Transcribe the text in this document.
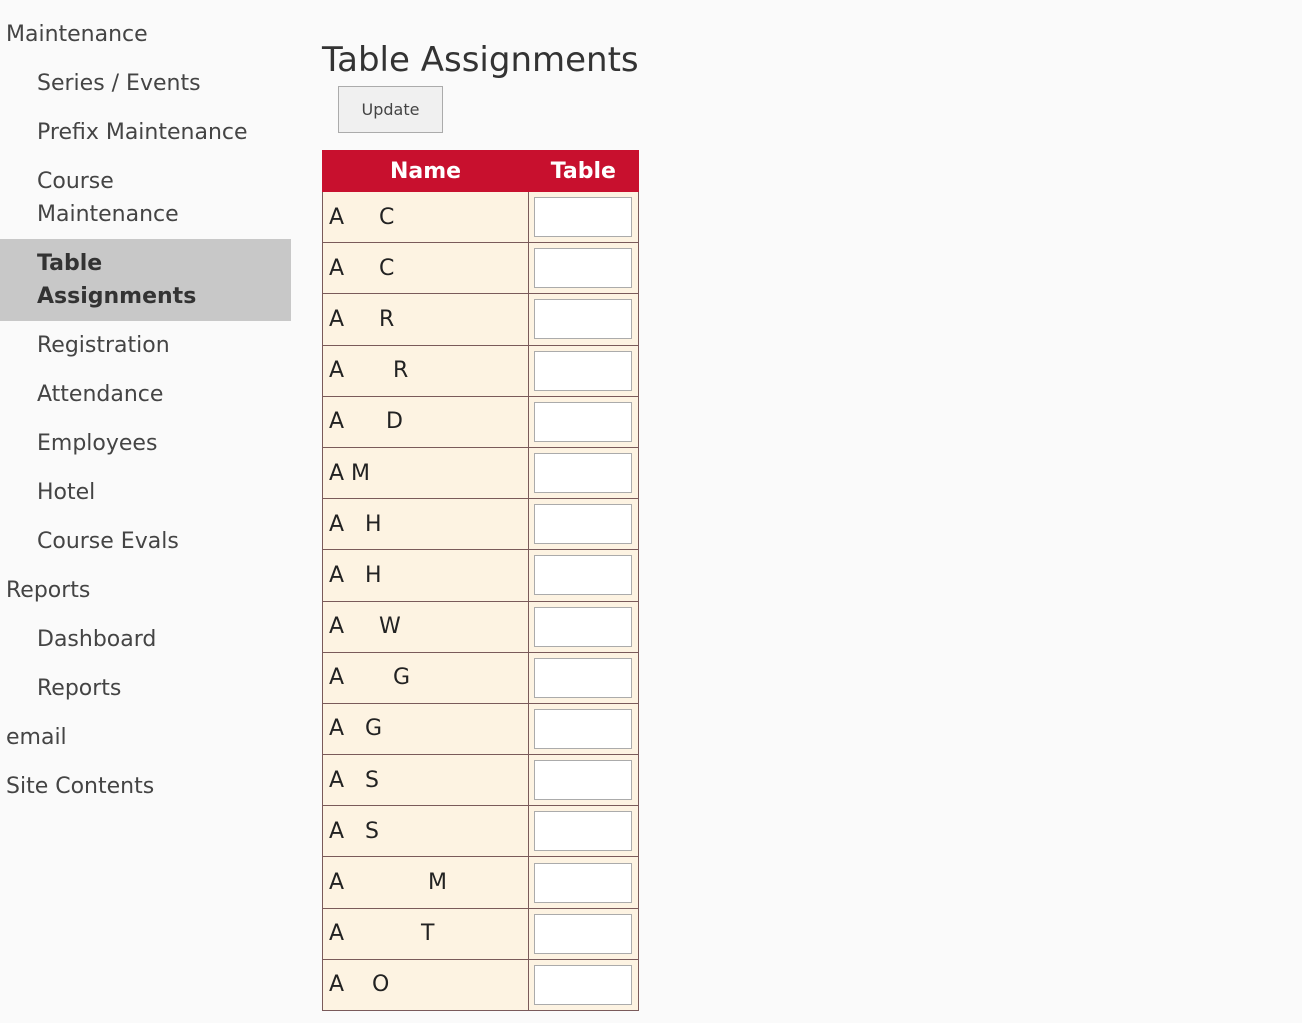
Maintenance
Series / Events
Prefix Maintenance
Course
Maintenance
Table
Assignments
Registration
Attendance
Employees
Hotel
Course Evals
Reports
Dashboard
Reports
email
Site Contents
Table Assignments
Update
Name	Table
A     C	
A     C	
A     R	
A       R	
A      D	
A M	
A   H	
A   H	
A     W	
A       G	
A   G	
A   S	
A   S	
A            M	
A           T	
A    O	
